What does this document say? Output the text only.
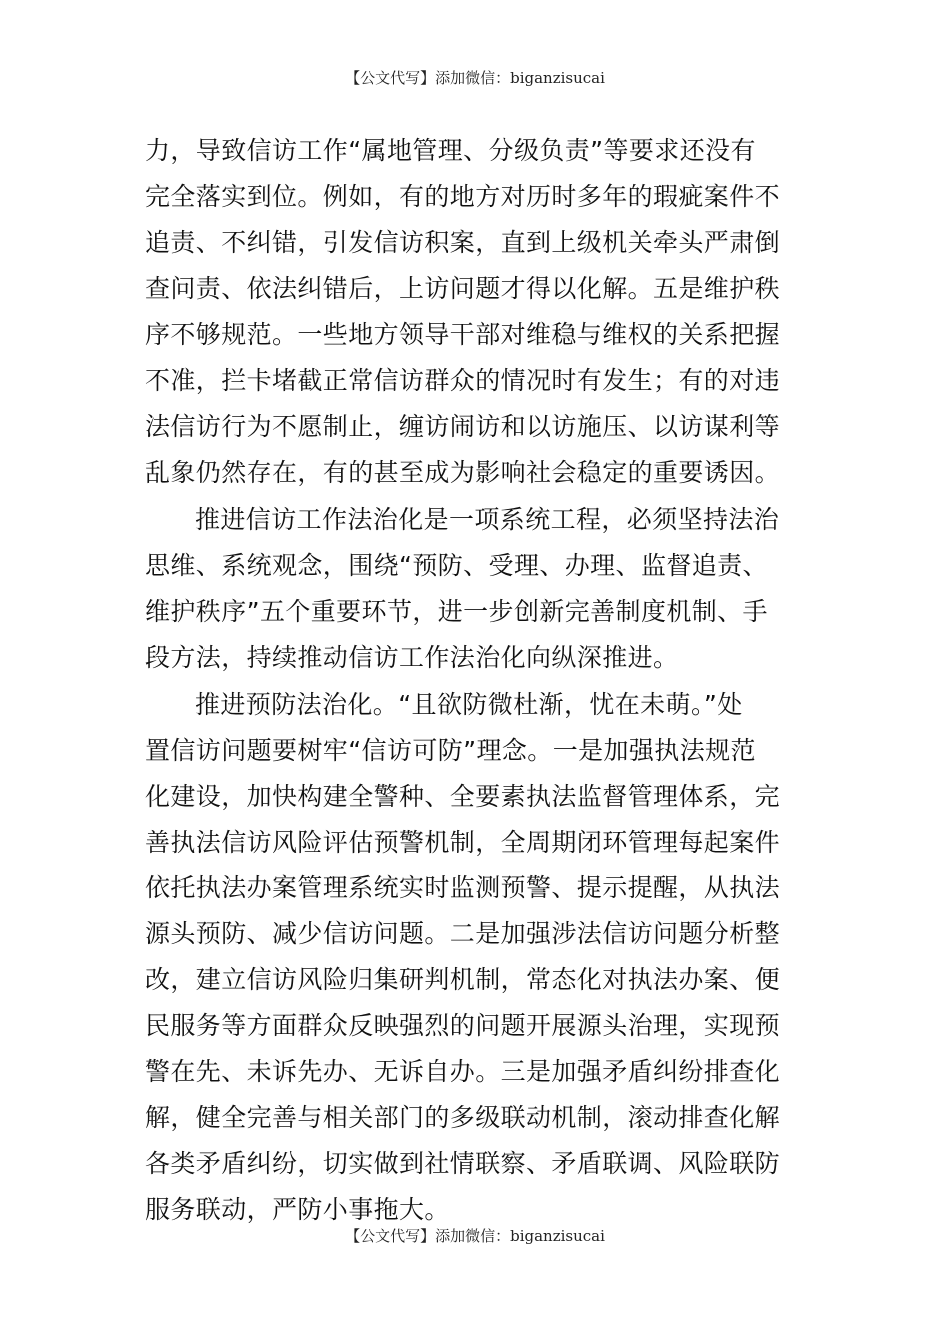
【公文代写】添加微信：biganzisucai
力，导致信访工作“属地管理、分级负责”等要求还没有
完全落实到位。例如，有的地方对历时多年的瑕疵案件不
追责、不纠错，引发信访积案，直到上级机关牵头严肃倒
查问责、依法纠错后，上访问题才得以化解。五是维护秩
序不够规范。一些地方领导干部对维稳与维权的关系把握
不准，拦卡堵截正常信访群众的情况时有发生；有的对违
法信访行为不愿制止，缠访闹访和以访施压、以访谋利等
乱象仍然存在，有的甚至成为影响社会稳定的重要诱因。
推进信访工作法治化是一项系统工程，必须坚持法治
思维、系统观念，围绕“预防、受理、办理、监督追责、
维护秩序”五个重要环节，进一步创新完善制度机制、手
段方法，持续推动信访工作法治化向纵深推进。
推进预防法治化。“且欲防微杜渐，忧在未萌。”处
置信访问题要树牢“信访可防”理念。一是加强执法规范
化建设，加快构建全警种、全要素执法监督管理体系，完
善执法信访风险评估预警机制，全周期闭环管理每起案件
依托执法办案管理系统实时监测预警、提示提醒，从执法
源头预防、减少信访问题。二是加强涉法信访问题分析整
改，建立信访风险归集研判机制，常态化对执法办案、便
民服务等方面群众反映强烈的问题开展源头治理，实现预
警在先、未诉先办、无诉自办。三是加强矛盾纠纷排查化
解，健全完善与相关部门的多级联动机制，滚动排查化解
各类矛盾纠纷，切实做到社情联察、矛盾联调、风险联防
服务联动，严防小事拖大。
【公文代写】添加微信：biganzisucai
